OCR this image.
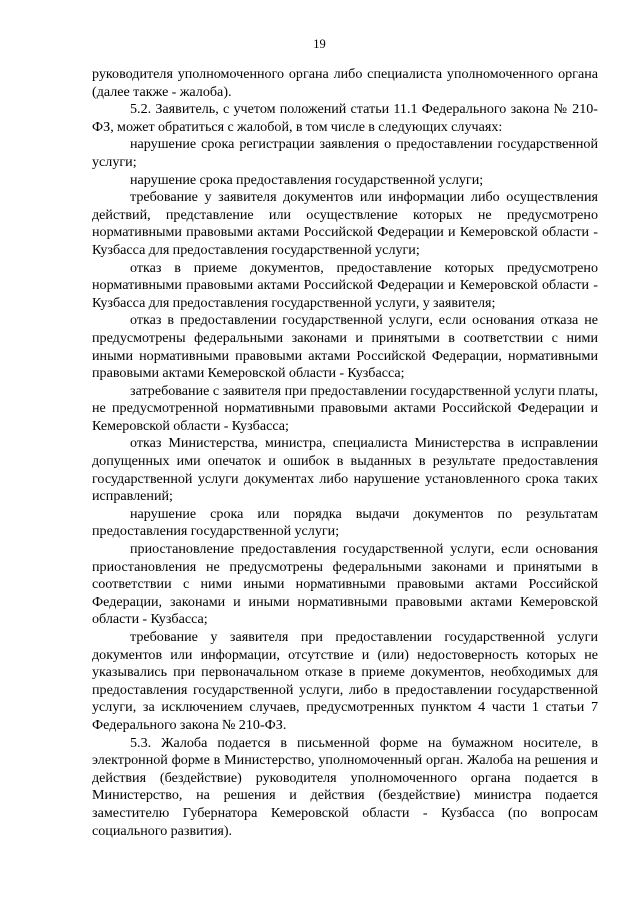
19

руководителя уполномоченного органа либо специалиста уполномоченного органа (далее также - жалоба).

5.2. Заявитель, с учетом положений статьи 11.1 Федерального закона № 210-ФЗ, может обратиться с жалобой, в том числе в следующих случаях:

нарушение срока регистрации заявления о предоставлении государственной услуги;

нарушение срока предоставления государственной услуги;

требование у заявителя документов или информации либо осуществления действий, представление или осуществление которых не предусмотрено нормативными правовыми актами Российской Федерации и Кемеровской области - Кузбасса для предоставления государственной услуги;

отказ в приеме документов, предоставление которых предусмотрено нормативными правовыми актами Российской Федерации и Кемеровской области - Кузбасса для предоставления государственной услуги, у заявителя;

отказ в предоставлении государственной услуги, если основания отказа не предусмотрены федеральными законами и принятыми в соответствии с ними иными нормативными правовыми актами Российской Федерации, нормативными правовыми актами Кемеровской области - Кузбасса;

затребование с заявителя при предоставлении государственной услуги платы, не предусмотренной нормативными правовыми актами Российской Федерации и Кемеровской области - Кузбасса;

отказ Министерства, министра, специалиста Министерства в исправлении допущенных ими опечаток и ошибок в выданных в результате предоставления государственной услуги документах либо нарушение установленного срока таких исправлений;

нарушение срока или порядка выдачи документов по результатам предоставления государственной услуги;

приостановление предоставления государственной услуги, если основания приостановления не предусмотрены федеральными законами и принятыми в соответствии с ними иными нормативными правовыми актами Российской Федерации, законами и иными нормативными правовыми актами Кемеровской области - Кузбасса;

требование у заявителя при предоставлении государственной услуги документов или информации, отсутствие и (или) недостоверность которых не указывались при первоначальном отказе в приеме документов, необходимых для предоставления государственной услуги, либо в предоставлении государственной услуги, за исключением случаев, предусмотренных пунктом 4 части 1 статьи 7 Федерального закона № 210-ФЗ.

5.3. Жалоба подается в письменной форме на бумажном носителе, в электронной форме в Министерство, уполномоченный орган. Жалоба на решения и действия (бездействие) руководителя уполномоченного органа подается в Министерство, на решения и действия (бездействие) министра подается заместителю Губернатора Кемеровской области - Кузбасса (по вопросам социального развития).
